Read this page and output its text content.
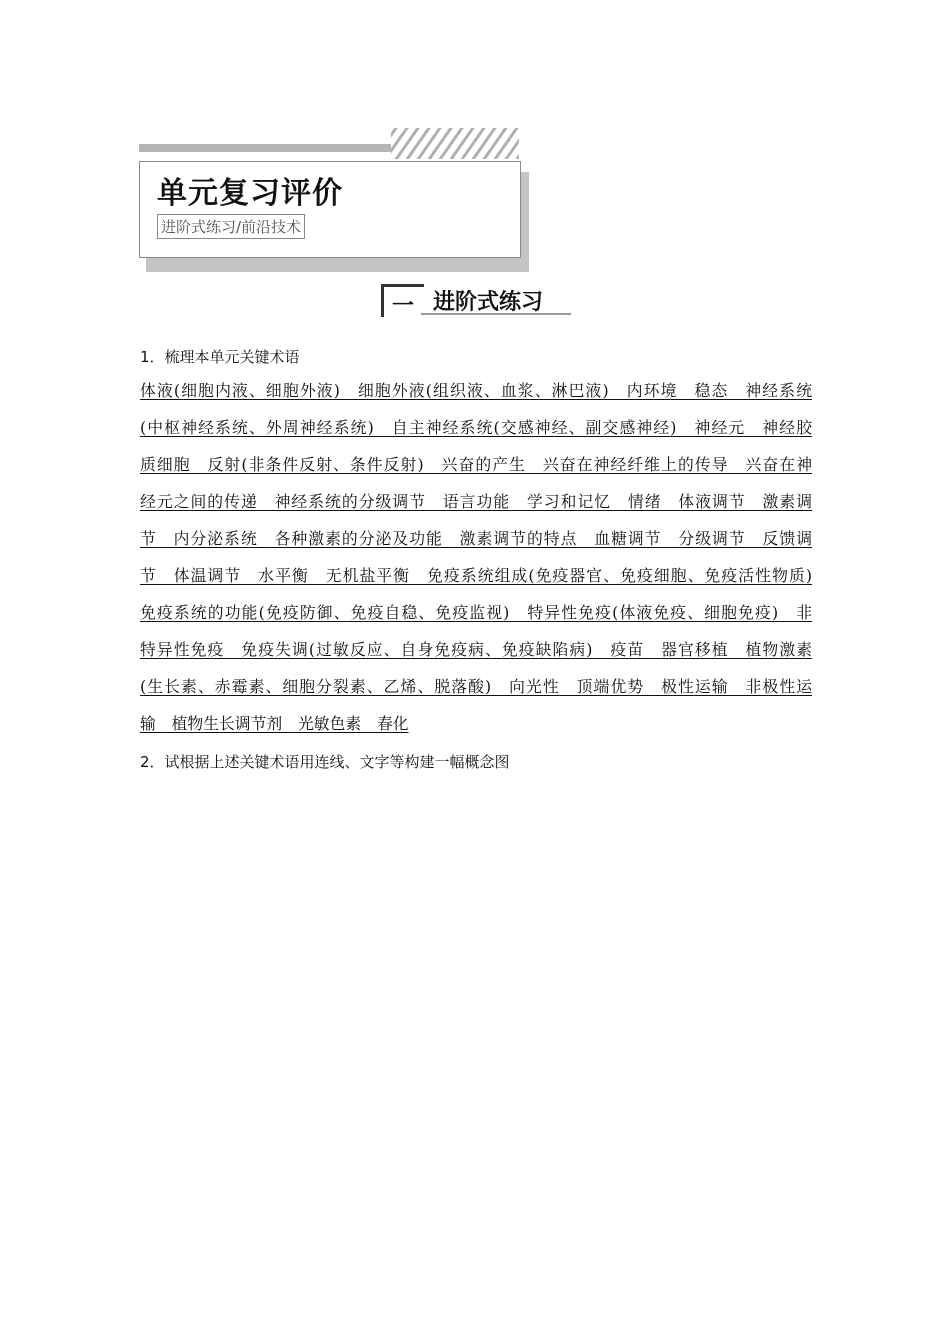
单元复习评价
进阶式练习/前沿技术
一 进阶式练习
1．梳理本单元关键术语
体液(细胞内液、细胞外液)　细胞外液(组织液、血浆、淋巴液)　内环境　稳态　神经系统
(中枢神经系统、外周神经系统)　自主神经系统(交感神经、副交感神经)　神经元　神经胶
质细胞　反射(非条件反射、条件反射)　兴奋的产生　兴奋在神经纤维上的传导　兴奋在神
经元之间的传递　神经系统的分级调节　语言功能　学习和记忆　情绪　体液调节　激素调
节　内分泌系统　各种激素的分泌及功能　激素调节的特点　血糖调节　分级调节　反馈调
节　体温调节　水平衡　无机盐平衡　免疫系统组成(免疫器官、免疫细胞、免疫活性物质)
免疫系统的功能(免疫防御、免疫自稳、免疫监视)　特异性免疫(体液免疫、细胞免疫)　非
特异性免疫　免疫失调(过敏反应、自身免疫病、免疫缺陷病)　疫苗　器官移植　植物激素
(生长素、赤霉素、细胞分裂素、乙烯、脱落酸)　向光性　顶端优势　极性运输　非极性运
输　植物生长调节剂　光敏色素　春化
2．试根据上述关键术语用连线、文字等构建一幅概念图
